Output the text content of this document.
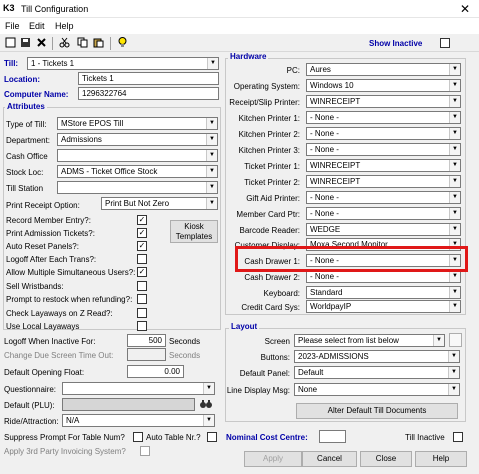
K3 Till Configuration	✕
File Edit Help
Show Inactive
Till:	1 - Tickets 1	▼
Location:	Tickets 1
Computer Name:	1296322764
Attributes
Type of Till:	MStore EPOS Till	▼
Department:	Admissions	▼
Cash Office	▼
Stock Loc:	ADMS - Ticket Office Stock	▼
Till Station	▼
Print Receipt Option:	Print But Not Zero	▼
Record Member Entry?:	✓
Print Admission Tickets?:	✓
Auto Reset Panels?:	✓
Logoff After Each Trans?:
Allow Multiple Simultaneous Users?: ✓
Sell Wristbands:
Prompt to restock when refunding?:
Check Layaways on Z Read?:
Use Local Layaways
Kiosk Templates
Logoff When Inactive For:	500 Seconds
Change Due Screen Time Out:	Seconds
Default Opening Float:	0.00
Questionnaire:	▼
Default (PLU):
Ride/Attraction: N/A	▼
Suppress Prompt For Table Num?	Auto Table Nr.?
Apply 3rd Party Invoicing System?
Hardware
PC:	Aures	▼
Operating System:	Windows 10	▼
Receipt/Slip Printer:	WINRECEIPT	▼
Kitchen Printer 1:	- None -	▼
Kitchen Printer 2:	- None -	▼
Kitchen Printer 3:	- None -	▼
Ticket Printer 1:	WINRECEIPT	▼
Ticket Printer 2:	WINRECEIPT	▼
Gift Aid Printer:	- None -	▼
Member Card Ptr:	- None -	▼
Barcode Reader:	WEDGE	▼
Customer Display:	Moxa Second Monitor	▼
Cash Drawer 1:	- None -	▼
Cash Drawer 2:	- None -	▼
Keyboard:	Standard	▼
Credit Card Sys:	WorldpayIP	▼
Layout
Screen	Please select from list below	▼
Buttons:	2023-ADMISSIONS	▼
Default Panel:	Default	▼
Line Display Msg:	None	▼
Alter Default Till Documents
Nominal Cost Centre:	Till Inactive
Apply	Cancel	Close	Help
